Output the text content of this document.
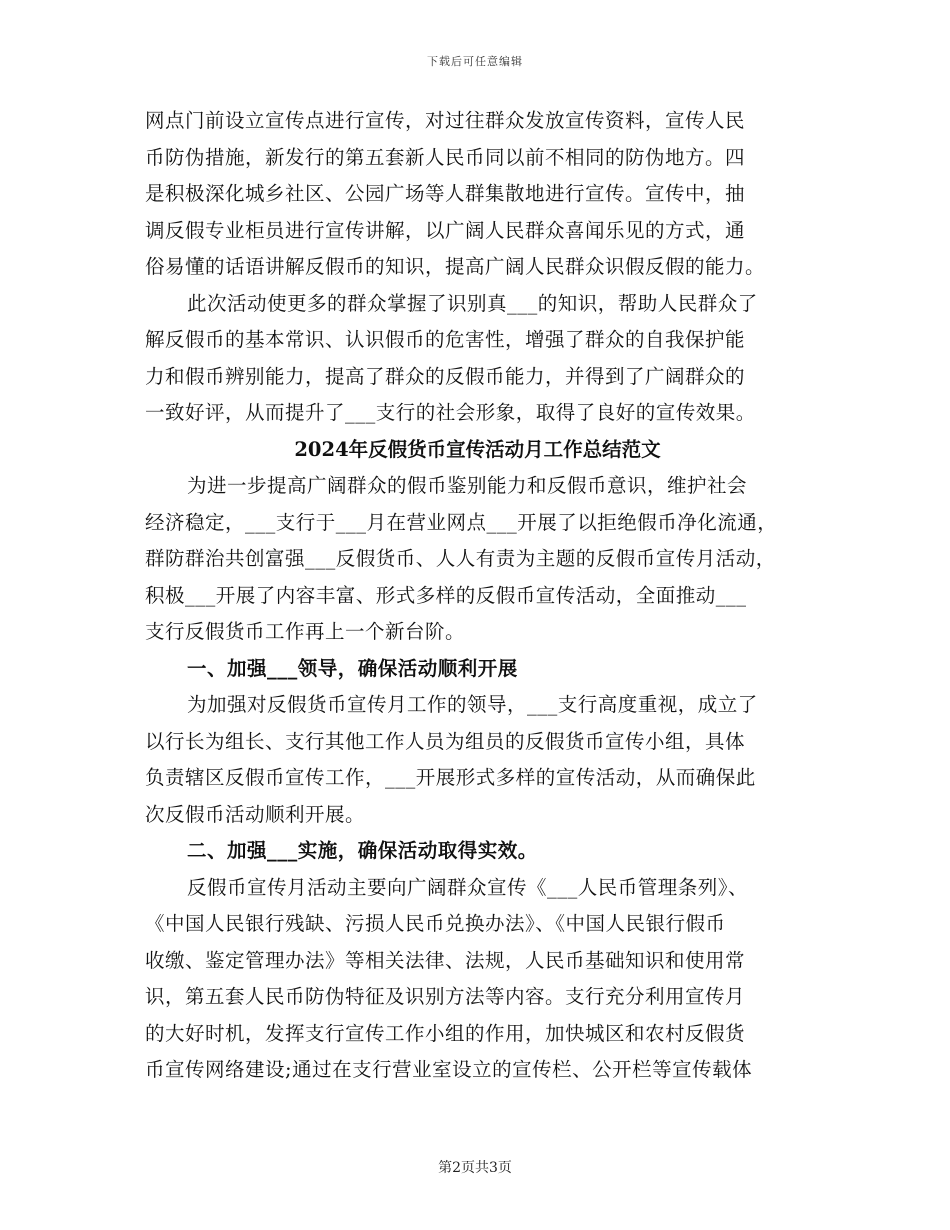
下载后可任意编辑
网点门前设立宣传点进行宣传，对过往群众发放宣传资料，宣传人民
币防伪措施，新发行的第五套新人民币同以前不相同的防伪地方。四
是积极深化城乡社区、公园广场等人群集散地进行宣传。宣传中，抽
调反假专业柜员进行宣传讲解，以广阔人民群众喜闻乐见的方式，通
俗易懂的话语讲解反假币的知识，提高广阔人民群众识假反假的能力。
此次活动使更多的群众掌握了识别真___的知识，帮助人民群众了
解反假币的基本常识、认识假币的危害性，增强了群众的自我保护能
力和假币辨别能力，提高了群众的反假币能力，并得到了广阔群众的
一致好评，从而提升了___支行的社会形象，取得了良好的宣传效果。
2024年反假货币宣传活动月工作总结范文
为进一步提高广阔群众的假币鉴别能力和反假币意识，维护社会
经济稳定，___支行于___月在营业网点___开展了以拒绝假币净化流通，
群防群治共创富强___反假货币、人人有责为主题的反假币宣传月活动，
积极___开展了内容丰富、形式多样的反假币宣传活动，全面推动___
支行反假货币工作再上一个新台阶。
一、加强___领导，确保活动顺利开展
为加强对反假货币宣传月工作的领导，___支行高度重视，成立了
以行长为组长、支行其他工作人员为组员的反假货币宣传小组，具体
负责辖区反假币宣传工作，___开展形式多样的宣传活动，从而确保此
次反假币活动顺利开展。
二、加强___实施，确保活动取得实效。
反假币宣传月活动主要向广阔群众宣传《___人民币管理条列》、
《中国人民银行残缺、污损人民币兑换办法》、《中国人民银行假币
收缴、鉴定管理办法》等相关法律、法规，人民币基础知识和使用常
识，第五套人民币防伪特征及识别方法等内容。支行充分利用宣传月
的大好时机，发挥支行宣传工作小组的作用，加快城区和农村反假货
币宣传网络建设;通过在支行营业室设立的宣传栏、公开栏等宣传载体
第2页共3页
